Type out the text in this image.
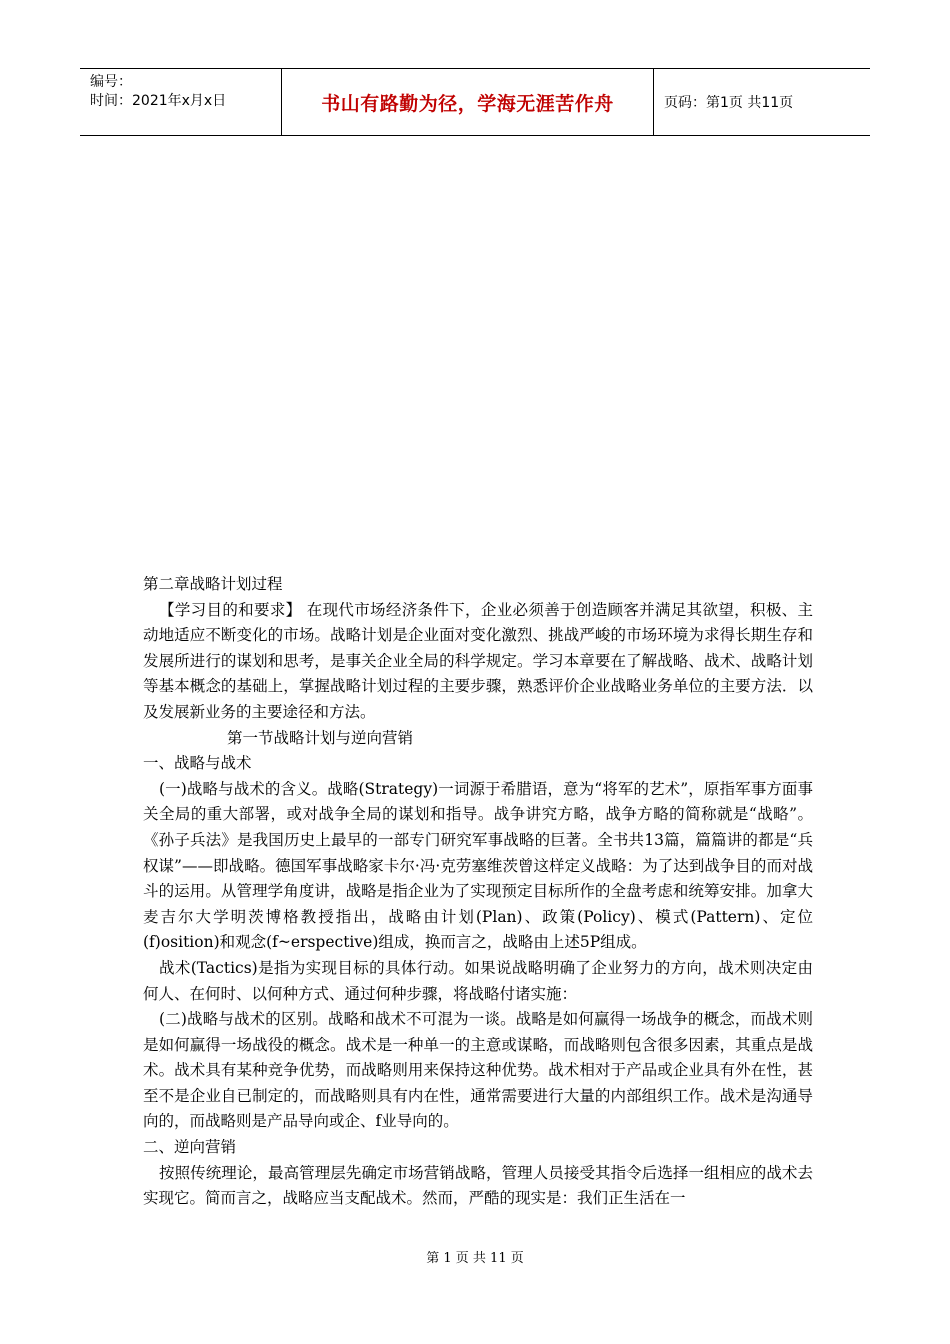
编号：
时间：2021年x月x日	书山有路勤为径，学海无涯苦作舟	页码：第1页 共11页

第二章战略计划过程

【学习目的和要求】 在现代市场经济条件下，企业必须善于创造顾客并满足其欲望，积极、主动地适应不断变化的市场。战略计划是企业面对变化激烈、挑战严峻的市场环境为求得长期生存和发展所进行的谋划和思考，是事关企业全局的科学规定。学习本章要在了解战略、战术、战略计划等基本概念的基础上，掌握战略计划过程的主要步骤，熟悉评价企业战略业务单位的主要方法．以及发展新业务的主要途径和方法。

第一节战略计划与逆向营销

一、战略与战术

(一)战略与战术的含义。战略(Strategy)一词源于希腊语，意为“将军的艺术”，原指军事方面事关全局的重大部署，或对战争全局的谋划和指导。战争讲究方略，战争方略的简称就是“战略”。《孙子兵法》是我国历史上最早的一部专门研究军事战略的巨著。全书共13篇，篇篇讲的都是“兵权谋”——即战略。德国军事战略家卡尔·冯·克劳塞维茨曾这样定义战略：为了达到战争目的而对战斗的运用。从管理学角度讲，战略是指企业为了实现预定目标所作的全盘考虑和统筹安排。加拿大麦吉尔大学明茨博格教授指出，战略由计划(Plan)、政策(Policy)、模式(Pattern)、定位(f)osition)和观念(f~erspective)组成，换而言之，战略由上述5P组成。

战术(Tactics)是指为实现目标的具体行动。如果说战略明确了企业努力的方向，战术则决定由何人、在何时、以何种方式、通过何种步骤，将战略付诸实施：

(二)战略与战术的区别。战略和战术不可混为一谈。战略是如何赢得一场战争的概念，而战术则是如何赢得一场战役的概念。战术是一种单一的主意或谋略，而战略则包含很多因素，其重点是战术。战术具有某种竞争优势，而战略则用来保持这种优势。战术相对于产品或企业具有外在性，甚至不是企业自已制定的，而战略则具有内在性，通常需要进行大量的内部组织工作。战术是沟通导向的，而战略则是产品导向或企、f业导向的。

二、逆向营销

按照传统理论，最高管理层先确定市场营销战略，管理人员接受其指令后选择一组相应的战术去实现它。简而言之，战略应当支配战术。然而，严酷的现实是：我们正生活在一

第 1 页 共 11 页
